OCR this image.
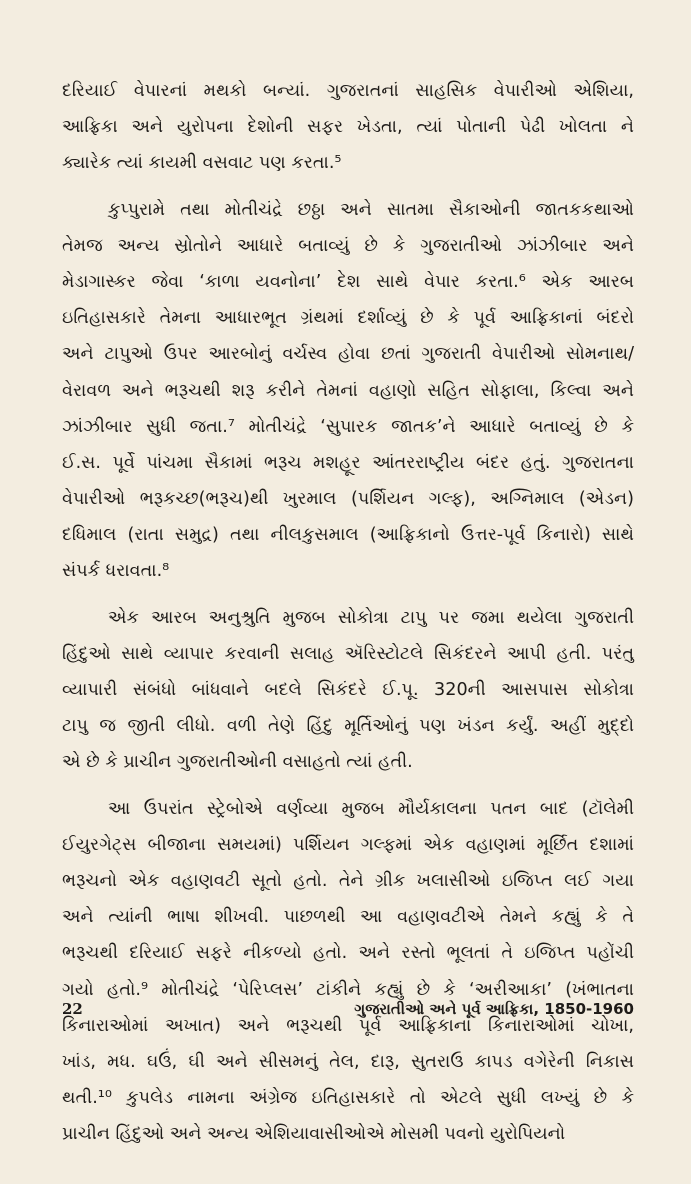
દરિયાઈ વેપારનાં મથકો બન્યાં. ગુજરાતનાં સાહસિક વેપારીઓ એશિયા,
આફ્રિકા અને યુરોપના દેશોની સફર ખેડતા, ત્યાં પોતાની પેઢી ખોલતા ને
ક્યારેક ત્યાં કાયમી વસવાટ પણ કરતા.⁵
કુપ્પુરામે તથા મોતીચંદ્રે છઠ્ઠા અને સાતમા સૈકાઓની જાતકકથાઓ
તેમજ અન્ય સ્રોતોને આધારે બતાવ્યું છે કે ગુજરાતીઓ ઝાંઝીબાર અને
મેડાગાસ્કર જેવા ‘કાળા યવનોના’ દેશ સાથે વેપાર કરતા.⁶ એક આરબ
ઇતિહાસકારે તેમના આધારભૂત ગ્રંથમાં દર્શાવ્યું છે કે પૂર્વ આફ્રિકાનાં બંદરો
અને ટાપુઓ ઉપર આરબોનું વર્ચસ્વ હોવા છતાં ગુજરાતી વેપારીઓ સોમનાથ/
વેરાવળ અને ભરૂચથી શરૂ કરીને તેમનાં વહાણો સહિત સોફાલા, કિલ્વા અને
ઝાંઝીબાર સુધી જતા.⁷ મોતીચંદ્રે ‘સુપારક જાતક’ને આધારે બતાવ્યું છે કે
ઈ.સ. પૂર્વે પાંચમા સૈકામાં ભરૂચ મશહૂર આંતરરાષ્ટ્રીય બંદર હતું. ગુજરાતના
વેપારીઓ ભરૂકચ્છ(ભરૂચ)થી ખુરમાલ (પર્શિયન ગલ્ફ), અગ્નિમાલ (એડન)
દધિમાલ (રાતા સમુદ્ર) તથા નીલકુસમાલ (આફ્રિકાનો ઉત્તર-પૂર્વ કિનારો) સાથે
સંપર્ક ધરાવતા.⁸
એક આરબ અનુશ્રુતિ મુજબ સોકોત્રા ટાપુ પર જમા થયેલા ગુજરાતી
હિંદુઓ સાથે વ્યાપાર કરવાની સલાહ ઍરિસ્ટોટલે સિકંદરને આપી હતી. પરંતુ
વ્યાપારી સંબંધો બાંધવાને બદલે સિકંદરે ઈ.પૂ. 320ની આસપાસ સોકોત્રા
ટાપુ જ જીતી લીધો. વળી તેણે હિંદુ મૂર્તિઓનું પણ ખંડન કર્યું. અહીં મુદ્દો
એ છે કે પ્રાચીન ગુજરાતીઓની વસાહતો ત્યાં હતી.
આ ઉપરાંત સ્ટ્રેબોએ વર્ણવ્યા મુજબ મૌર્યકાલના પતન બાદ (ટૉલેમી
ઈયુરગેટ્સ બીજાના સમયમાં) પર્શિયન ગલ્ફમાં એક વહાણમાં મૂર્છિત દશામાં
ભરૂચનો એક વહાણવટી સૂતો હતો. તેને ગ્રીક ખલાસીઓ ઇજિપ્ત લઈ ગયા
અને ત્યાંની ભાષા શીખવી. પાછળથી આ વહાણવટીએ તેમને કહ્યું કે તે
ભરૂચથી દરિયાઈ સફરે નીકળ્યો હતો. અને રસ્તો ભૂલતાં તે ઇજિપ્ત પહોંચી
ગયો હતો.⁹ મોતીચંદ્રે ‘પેરિપ્લસ’ ટાંકીને કહ્યું છે કે ‘અરીઆકા’ (ખંભાતના
કિનારાઓમાં અખાત) અને ભરૂચથી પૂર્વ આફ્રિકાના કિનારાઓમાં ચોખા,
ખાંડ, મધ. ઘઉં, ઘી અને સીસમનું તેલ, દારૂ, સુતરાઉ કાપડ વગેરેની નિકાસ
થતી.¹⁰ કુપલેડ નામના અંગ્રેજ ઇતિહાસકારે તો એટલે સુધી લખ્યું છે કે
પ્રાચીન હિંદુઓ અને અન્ય એશિયાવાસીઓએ મોસમી પવનો યુરોપિયનો
22	ગુજરાતીઓ અને પૂર્વ આફ્રિકા, 1850-1960
